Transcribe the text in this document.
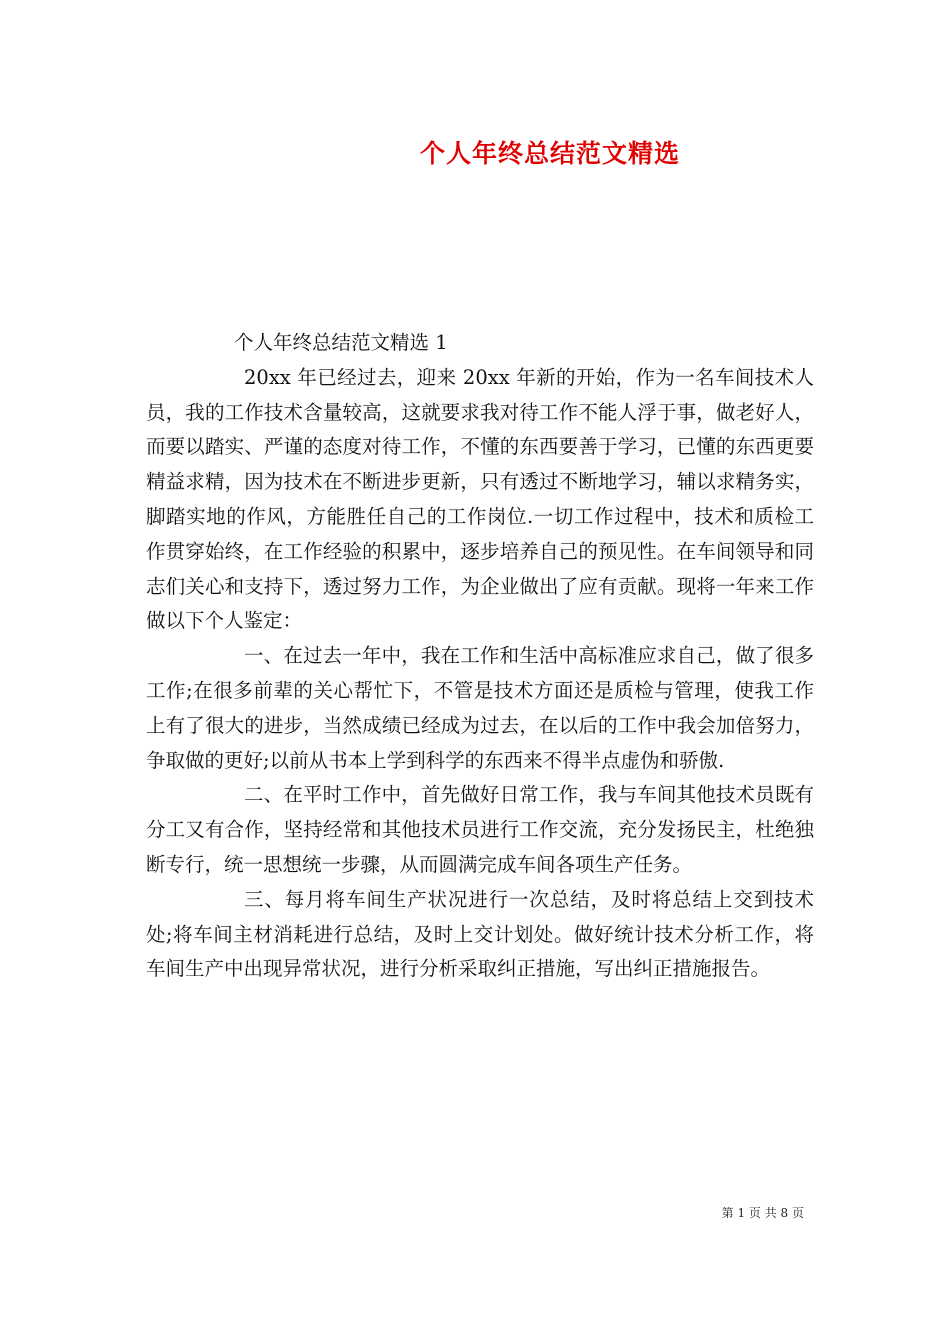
个人年终总结范文精选

个人年终总结范文精选 1

20xx 年已经过去，迎来 20xx 年新的开始，作为一名车间技术人员，我的工作技术含量较高，这就要求我对待工作不能人浮于事，做老好人，而要以踏实、严谨的态度对待工作，不懂的东西要善于学习，已懂的东西更要精益求精，因为技术在不断进步更新，只有透过不断地学习，辅以求精务实，脚踏实地的作风，方能胜任自己的工作岗位.一切工作过程中，技术和质检工作贯穿始终，在工作经验的积累中，逐步培养自己的预见性。在车间领导和同志们关心和支持下，透过努力工作，为企业做出了应有贡献。现将一年来工作做以下个人鉴定：

一、在过去一年中，我在工作和生活中高标准应求自己，做了很多工作;在很多前辈的关心帮忙下，不管是技术方面还是质检与管理，使我工作上有了很大的进步，当然成绩已经成为过去，在以后的工作中我会加倍努力，争取做的更好;以前从书本上学到科学的东西来不得半点虚伪和骄傲.

二、在平时工作中，首先做好日常工作，我与车间其他技术员既有分工又有合作，坚持经常和其他技术员进行工作交流，充分发扬民主，杜绝独断专行，统一思想统一步骤，从而圆满完成车间各项生产任务。

三、每月将车间生产状况进行一次总结，及时将总结上交到技术处;将车间主材消耗进行总结，及时上交计划处。做好统计技术分析工作，将车间生产中出现异常状况，进行分析采取纠正措施，写出纠正措施报告。

第 1 页 共 8 页
